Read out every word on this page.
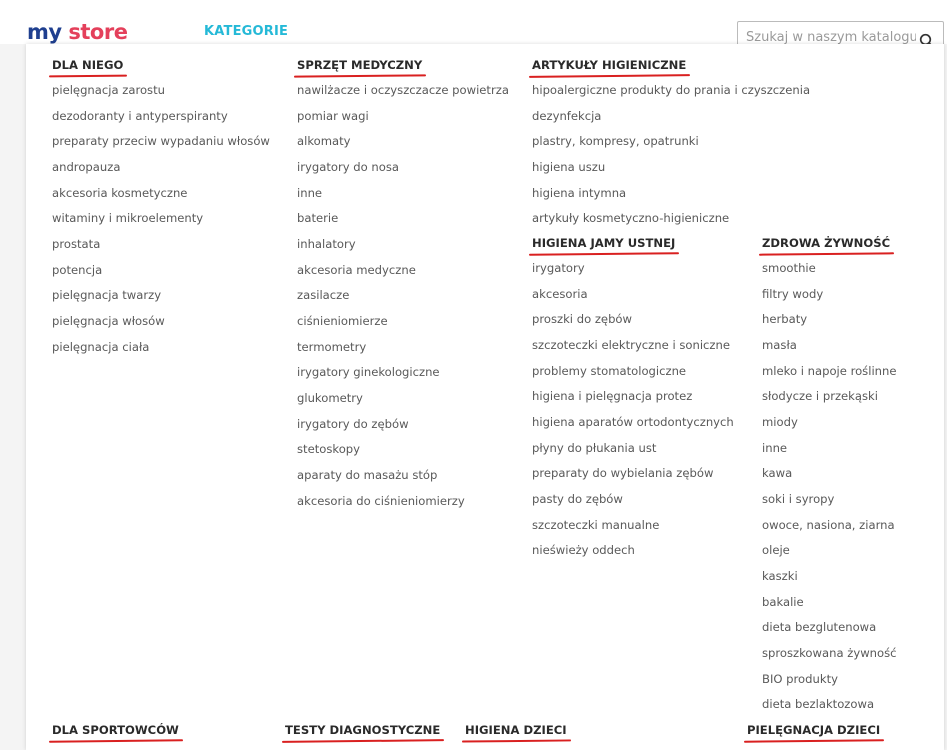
my store	KATEGORIE
Szukaj w naszym katalogu
DLA NIEGO
pielęgnacja zarostu
dezodoranty i antyperspiranty
preparaty przeciw wypadaniu włosów
andropauza
akcesoria kosmetyczne
witaminy i mikroelementy
prostata
potencja
pielęgnacja twarzy
pielęgnacja włosów
pielęgnacja ciała
SPRZĘT MEDYCZNY
nawilżacze i oczyszczacze powietrza
pomiar wagi
alkomaty
irygatory do nosa
inne
baterie
inhalatory
akcesoria medyczne
zasilacze
ciśnieniomierze
termometry
irygatory ginekologiczne
glukometry
irygatory do zębów
stetoskopy
aparaty do masażu stóp
akcesoria do ciśnieniomierzy
ARTYKUŁY HIGIENICZNE
hipoalergiczne produkty do prania i czyszczenia
dezynfekcja
plastry, kompresy, opatrunki
higiena uszu
higiena intymna
artykuły kosmetyczno-higieniczne
HIGIENA JAMY USTNEJ
irygatory
akcesoria
proszki do zębów
szczoteczki elektryczne i soniczne
problemy stomatologiczne
higiena i pielęgnacja protez
higiena aparatów ortodontycznych
płyny do płukania ust
preparaty do wybielania zębów
pasty do zębów
szczoteczki manualne
nieświeży oddech
ZDROWA ŻYWNOŚĆ
smoothie
filtry wody
herbaty
masła
mleko i napoje roślinne
słodycze i przekąski
miody
inne
kawa
soki i syropy
owoce, nasiona, ziarna
oleje
kaszki
bakalie
dieta bezglutenowa
sproszkowana żywność
BIO produkty
dieta bezlaktozowa
DLA SPORTOWCÓW	TESTY DIAGNOSTYCZNE HIGIENA DZIECI	PIELĘGNACJA DZIECI
